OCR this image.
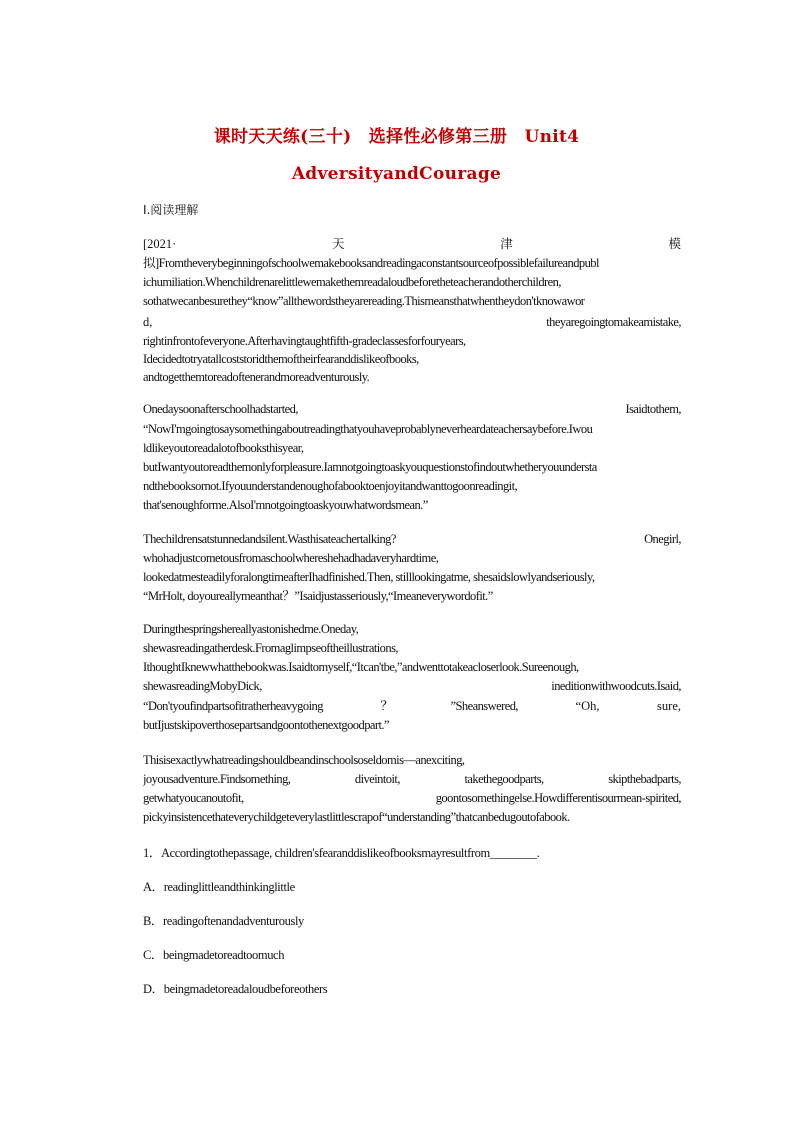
课时天天练(三十)　选择性必修第三册　Unit4
AdversityandCourage
Ⅰ.阅读理解
[2021·	天	津	模
拟]Fromtheverybeginningofschoolwemakebooksandreadingaconstantsourceofpossiblefailureandpubl
ichumiliation.Whenchildrenarelittlewemakethemreadaloudbeforetheteacherandotherchildren,
sothatwecanbesurethey“know”allthewordstheyarereading.Thismeansthatwhentheydon'tknowawor
d,	theyaregoingtomakeamistake,
rightinfrontofeveryone.Afterhavingtaughtfifth-gradeclassesforfouryears,
Idecidedtotryatallcoststoridthemoftheirfearanddislikeofbooks,
andtogetthemtoreadoftenerandmoreadventurously.
Onedaysoonafterschoolhadstarted,	Isaidtothem,
“NowI'mgoingtosaysomethingaboutreadingthatyouhaveprobablyneverheardateachersaybefore.Iwou
ldlikeyoutoreadalotofbooksthisyear,
butIwantyoutoreadthemonlyforpleasure.Iamnotgoingtoaskyouquestionstofindoutwhetheryouundersta
ndthebooksornot.Ifyouunderstandenoughofabooktoenjoyitandwanttogoonreadingit,
that'senoughforme.AlsoI'mnotgoingtoaskyouwhatwordsmean.”
Thechildrensatstunnedandsilent.Wasthisateachertalking?	Onegirl,
whohadjustcometousfromaschoolwhereshehadhadaveryhardtime,
lookedatmesteadilyforalongtimeafterIhadfinished.Then, stilllookingatme, shesaidslowlyandseriously,
“MrHolt, doyoureallymeanthat？”Isaidjustasseriously,“Imeaneverywordofit.”
Duringthespringshereallyastonishedme.Oneday,
shewasreadingatherdesk.Fromaglimpseoftheillustrations,
IthoughtIknewwhatthebookwas.Isaidtomyself,“Itcan'tbe,”andwenttotakeacloserlook.Sureenough,
shewasreadingMobyDick,	ineditionwithwoodcuts.Isaid,
“Don'tyoufindpartsofitratherheavygoing	？	”Sheanswered,	“Oh,	sure,
butIjustskipoverthosepartsandgoontothenextgoodpart.”
Thisisexactlywhatreadingshouldbeandinschoolsoseldomis—anexciting,
joyousadventure.Findsomething,	diveintoit,	takethegoodparts,	skipthebadparts,
getwhatyoucanoutofit,	goontosomethingelse.Howdifferentisourmean-spirited,
pickyinsistencethateverychildgeteverylastlittlescrapof“understanding”thatcanbedugoutofabook.
1．Accordingtothepassage, children'sfearanddislikeofbooksmayresultfrom________.
A．readinglittleandthinkinglittle
B．readingoftenandadventurously
C．beingmadetoreadtoomuch
D．beingmadetoreadaloudbeforeothers
